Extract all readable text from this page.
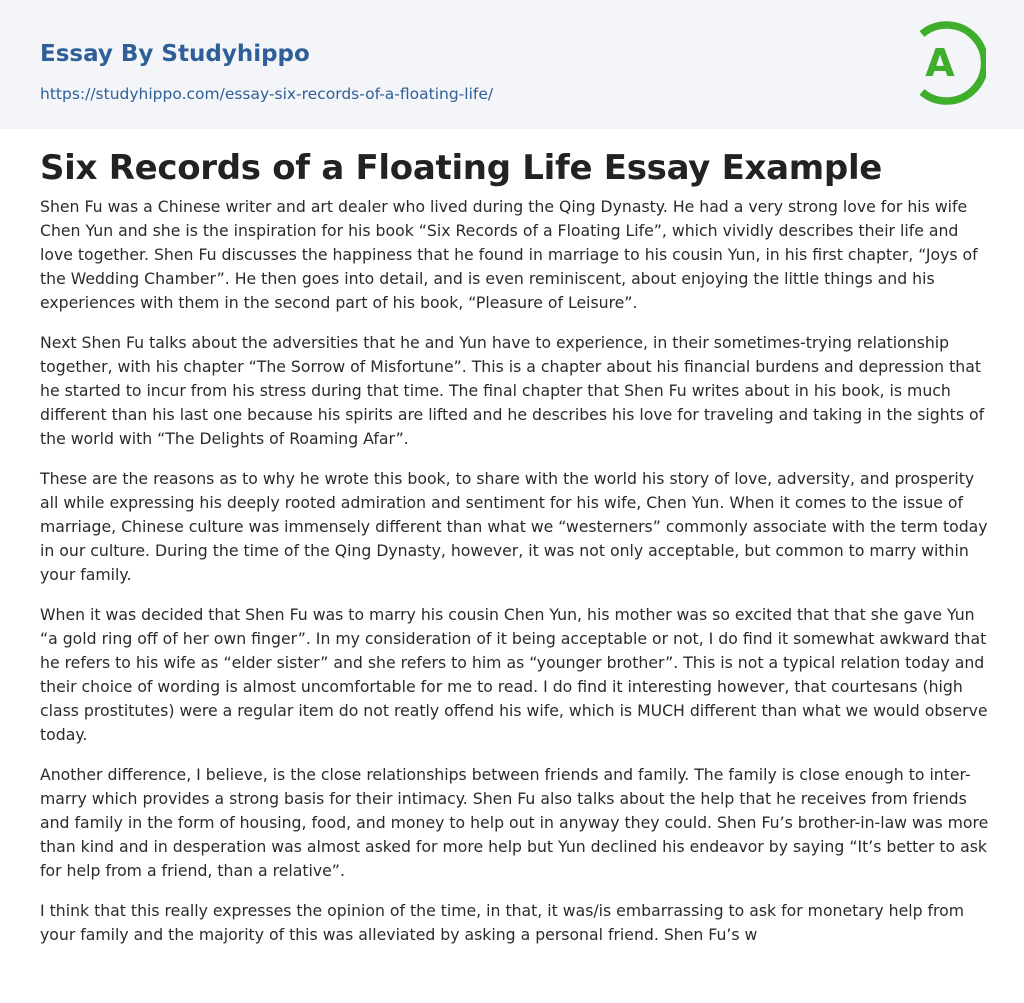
Essay By Studyhippo
https://studyhippo.com/essay-six-records-of-a-floating-life/
A
Six Records of a Floating Life Essay Example

Shen Fu was a Chinese writer and art dealer who lived during the Qing Dynasty. He had a very strong love for his wife Chen Yun and she is the inspiration for his book “Six Records of a Floating Life”, which vividly describes their life and love together. Shen Fu discusses the happiness that he found in marriage to his cousin Yun, in his first chapter, “Joys of the Wedding Chamber”. He then goes into detail, and is even reminiscent, about enjoying the little things and his experiences with them in the second part of his book, “Pleasure of Leisure”.

Next Shen Fu talks about the adversities that he and Yun have to experience, in their sometimes-trying relationship together, with his chapter “The Sorrow of Misfortune”. This is a chapter about his financial burdens and depression that he started to incur from his stress during that time. The final chapter that Shen Fu writes about in his book, is much different than his last one because his spirits are lifted and he describes his love for traveling and taking in the sights of the world with “The Delights of Roaming Afar”.

These are the reasons as to why he wrote this book, to share with the world his story of love, adversity, and prosperity all while expressing his deeply rooted admiration and sentiment for his wife, Chen Yun. When it comes to the issue of marriage, Chinese culture was immensely different than what we “westerners” commonly associate with the term today in our culture. During the time of the Qing Dynasty, however, it was not only acceptable, but common to marry within your family.

When it was decided that Shen Fu was to marry his cousin Chen Yun, his mother was so excited that that she gave Yun “a gold ring off of her own finger”. In my consideration of it being acceptable or not, I do find it somewhat awkward that he refers to his wife as “elder sister” and she refers to him as “younger brother”. This is not a typical relation today and their choice of wording is almost uncomfortable for me to read. I do find it interesting however, that courtesans (high class prostitutes) were a regular item do not reatly offend his wife, which is MUCH different than what we would observe today.

Another difference, I believe, is the close relationships between friends and family. The family is close enough to inter-marry which provides a strong basis for their intimacy. Shen Fu also talks about the help that he receives from friends and family in the form of housing, food, and money to help out in anyway they could. Shen Fu’s brother-in-law was more than kind and in desperation was almost asked for more help but Yun declined his endeavor by saying “It’s better to ask for help from a friend, than a relative”.

I think that this really expresses the opinion of the time, in that, it was/is embarrassing to ask for monetary help from your family and the majority of this was alleviated by asking a personal friend. Shen Fu’s w
